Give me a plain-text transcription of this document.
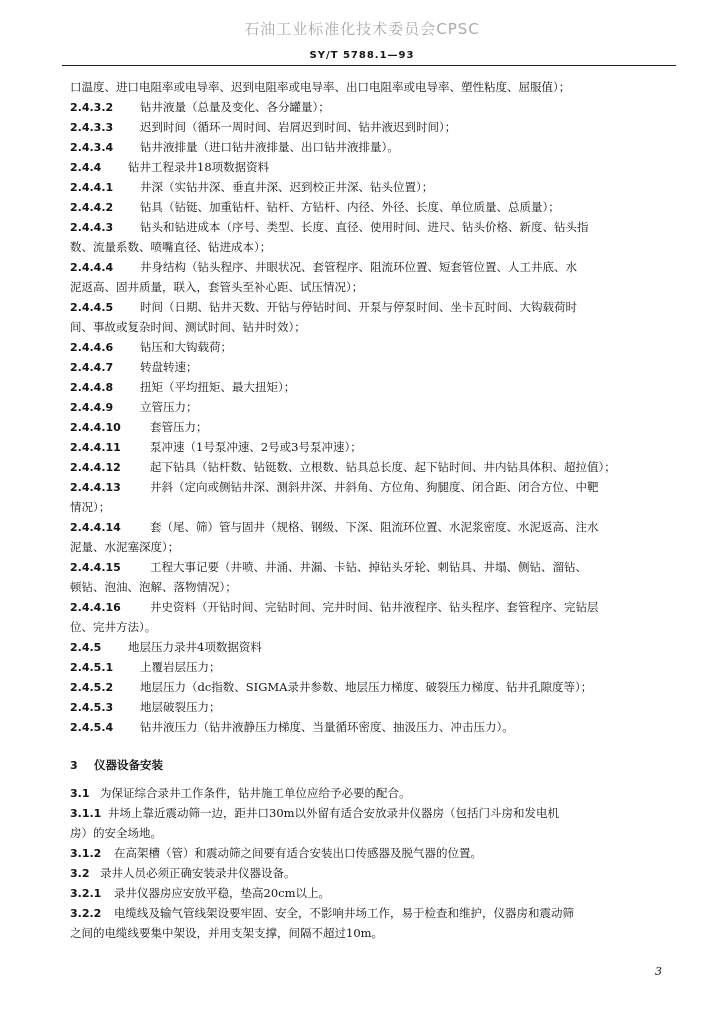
石油工业标准化技术委员会CPSC
SY/T 5788.1—93
口温度、进口电阻率或电导率、迟到电阻率或电导率、出口电阻率或电导率、塑性粘度、屈服值）；
2.4.3.2 钻井液量（总量及变化、各分罐量）；
2.4.3.3 迟到时间（循环一周时间、岩屑迟到时间、钻井液迟到时间）；
2.4.3.4 钻井液排量（进口钻井液排量、出口钻井液排量）。
2.4.4 钻井工程录井18项数据资料
2.4.4.1 井深（实钻井深、垂直井深、迟到校正井深、钻头位置）；
2.4.4.2 钻具（钻铤、加重钻杆、钻杆、方钻杆、内径、外径、长度、单位质量、总质量）；
2.4.4.3 钻头和钻进成本（序号、类型、长度、直径、使用时间、进尺、钻头价格、新度、钻头指
数、流量系数、喷嘴直径、钻进成本）；
2.4.4.4 井身结构（钻头程序、井眼状况、套管程序、阻流环位置、短套管位置、人工井底、水
泥返高、固井质量，联入，套管头至补心距、试压情况）；
2.4.4.5 时间（日期、钻井天数、开钻与停钻时间、开泵与停泵时间、坐卡瓦时间、大钩载荷时
间、事故或复杂时间、测试时间、钻井时效）；
2.4.4.6 钻压和大钩载荷；
2.4.4.7 转盘转速；
2.4.4.8 扭矩（平均扭矩、最大扭矩）；
2.4.4.9 立管压力；
2.4.4.10	套管压力；
2.4.4.11	泵冲速（1号泵冲速、2号或3号泵冲速）；
2.4.4.12	起下钻具（钻杆数、钻铤数、立根数、钻具总长度、起下钻时间、井内钻具体积、超拉值）；
2.4.4.13	井斜（定向或侧钻井深、测斜井深、井斜角、方位角、狗腿度、闭合距、闭合方位、中靶
情况）；
2.4.4.14	套（尾、筛）管与固井（规格、钢级、下深、阻流环位置、水泥浆密度、水泥返高、注水
泥量、水泥塞深度）；
2.4.4.15	工程大事记要（井喷、井涌、井漏、卡钻、掉钻头牙轮、刺钻具、井塌、侧钻、溜钻、
顿钻、泡油、泡解、落物情况）；
2.4.4.16	井史资料（开钻时间、完钻时间、完井时间、钻井液程序、钻头程序、套管程序、完钻层
位、完井方法）。
2.4.5 地层压力录井4项数据资料
2.4.5.1 上覆岩层压力；
2.4.5.2 地层压力（dc指数、SIGMA录井参数、地层压力梯度、破裂压力梯度、钻井孔隙度等）；
2.4.5.3 地层破裂压力；
2.4.5.4 钻井液压力（钻井液静压力梯度、当量循环密度、抽汲压力、冲击压力）。
3 仪器设备安装
3.1 为保证综合录井工作条件，钻井施工单位应给予必要的配合。
3.1.1 井场上靠近震动筛一边，距井口30m以外留有适合安放录井仪器房（包括门斗房和发电机
房）的安全场地。
3.1.2 在高架槽（管）和震动筛之间要有适合安装出口传感器及脱气器的位置。
3.2 录井人员必须正确安装录井仪器设备。
3.2.1 录井仪器房应安放平稳，垫高20cm以上。
3.2.2 电缆线及输气管线架设要牢固、安全，不影响井场工作，易于检查和维护，仪器房和震动筛
之间的电缆线要集中架设，并用支架支撑，间隔不超过10m。
3
